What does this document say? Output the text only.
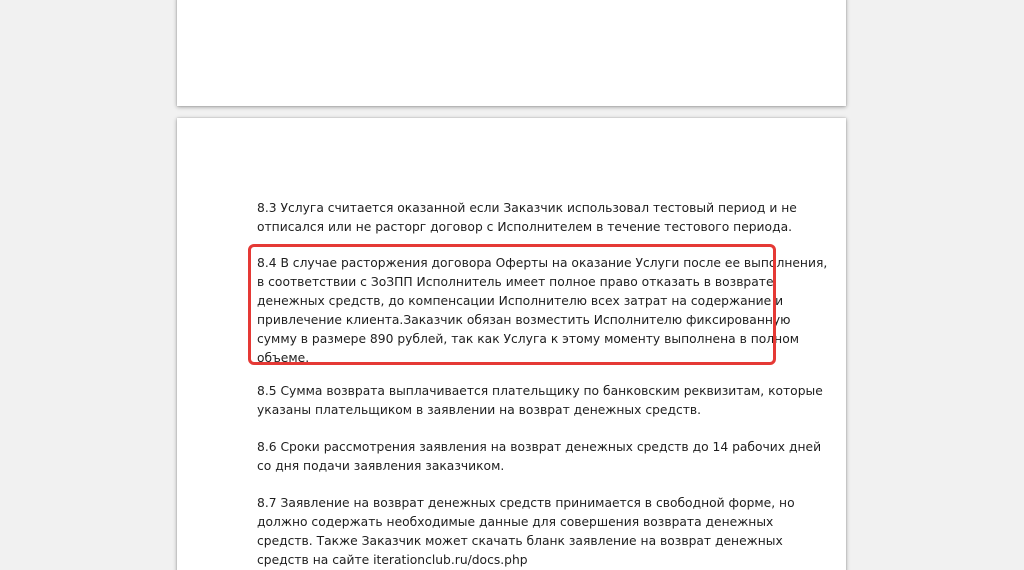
8.3 Услуга считается оказанной если Заказчик использовал тестовый период и не
отписался или не расторг договор с Исполнителем в течение тестового периода.

8.4 В случае расторжения договора Оферты на оказание Услуги после ее выполнения,
в соответствии с ЗоЗПП Исполнитель имеет полное право отказать в возврате
денежных средств, до компенсации Исполнителю всех затрат на содержание и
привлечение клиента.Заказчик обязан возместить Исполнителю фиксированную
сумму в размере 890 рублей, так как Услуга к этому моменту выполнена в полном
объеме.

8.5 Сумма возврата выплачивается плательщику по банковским реквизитам, которые
указаны плательщиком в заявлении на возврат денежных средств.

8.6 Сроки рассмотрения заявления на возврат денежных средств до 14 рабочих дней
со дня подачи заявления заказчиком.

8.7 Заявление на возврат денежных средств принимается в свободной форме, но
должно содержать необходимые данные для совершения возврата денежных
средств. Также Заказчик может скачать бланк заявление на возврат денежных
средств на сайте iterationclub.ru/docs.php
